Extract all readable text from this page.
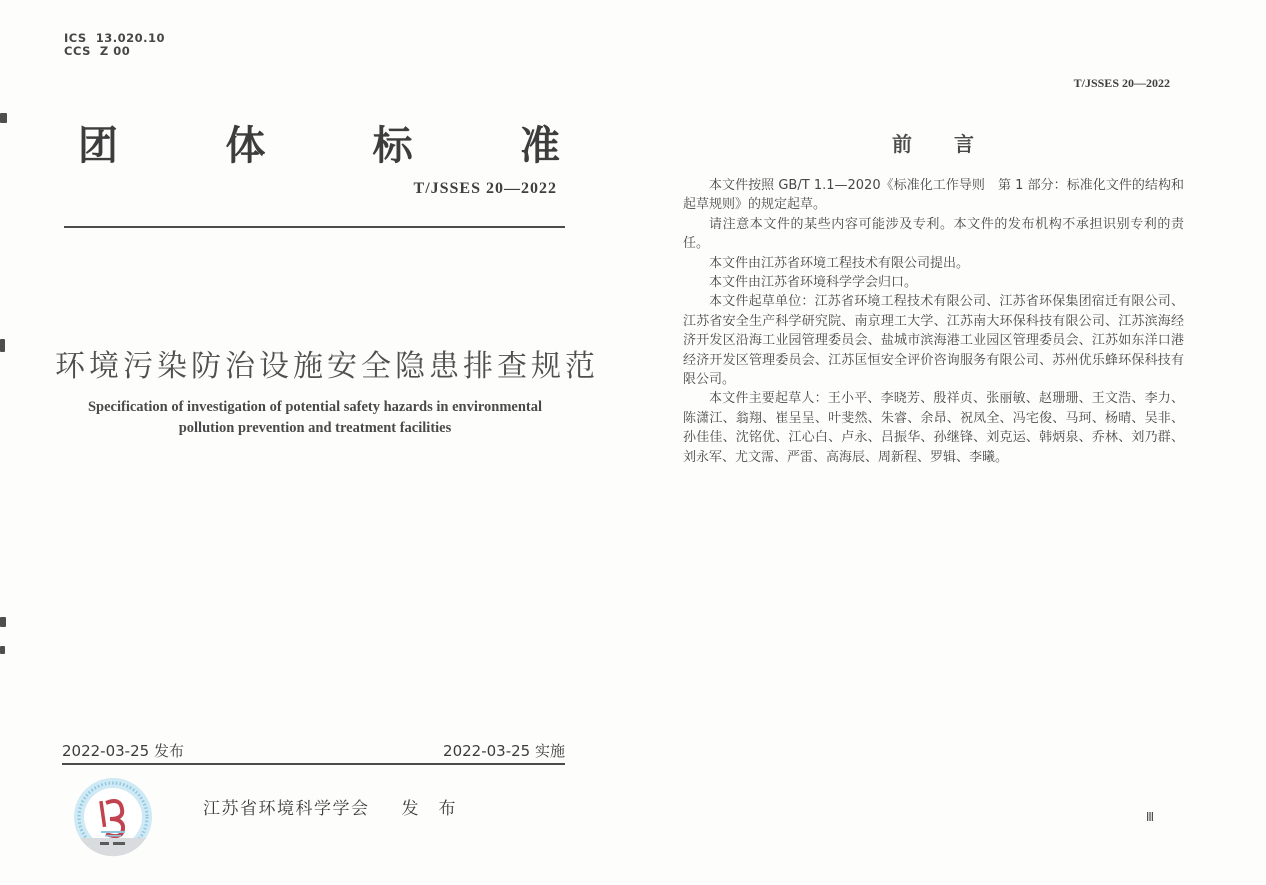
ICS  13.020.10
CCS  Z 00
团	体	标	准
T/JSSES 20—2022
环境污染防治设施安全隐患排查规范
Specification of investigation of potential safety hazards in environmental
pollution prevention and treatment facilities
2022-03-25 发布	2022-03-25 实施
江苏省环境科学学会 发　布
T/JSSES 20—2022
前 言

本文件按照 GB/T 1.1—2020《标准化工作导则　第 1 部分：标准化文件的结构和起草规则》的规定起草。

请注意本文件的某些内容可能涉及专利。本文件的发布机构不承担识别专利的责任。

本文件由江苏省环境工程技术有限公司提出。

本文件由江苏省环境科学学会归口。

本文件起草单位：江苏省环境工程技术有限公司、江苏省环保集团宿迁有限公司、江苏省安全生产科学研究院、南京理工大学、江苏南大环保科技有限公司、江苏滨海经济开发区沿海工业园管理委员会、盐城市滨海港工业园区管理委员会、江苏如东洋口港经济开发区管理委员会、江苏匡恒安全评价咨询服务有限公司、苏州优乐蜂环保科技有限公司。

本文件主要起草人：王小平、李晓芳、殷祥贞、张丽敏、赵珊珊、王文浩、李力、陈潇江、翁翔、崔呈呈、叶斐然、朱睿、余昂、祝凤全、冯宅俊、马珂、杨晴、吴非、孙佳佳、沈铭优、江心白、卢永、吕振华、孙继锋、刘克运、韩炳泉、乔林、刘乃群、刘永军、尤文霈、严雷、高海辰、周新程、罗辑、李曦。

Ⅲ
